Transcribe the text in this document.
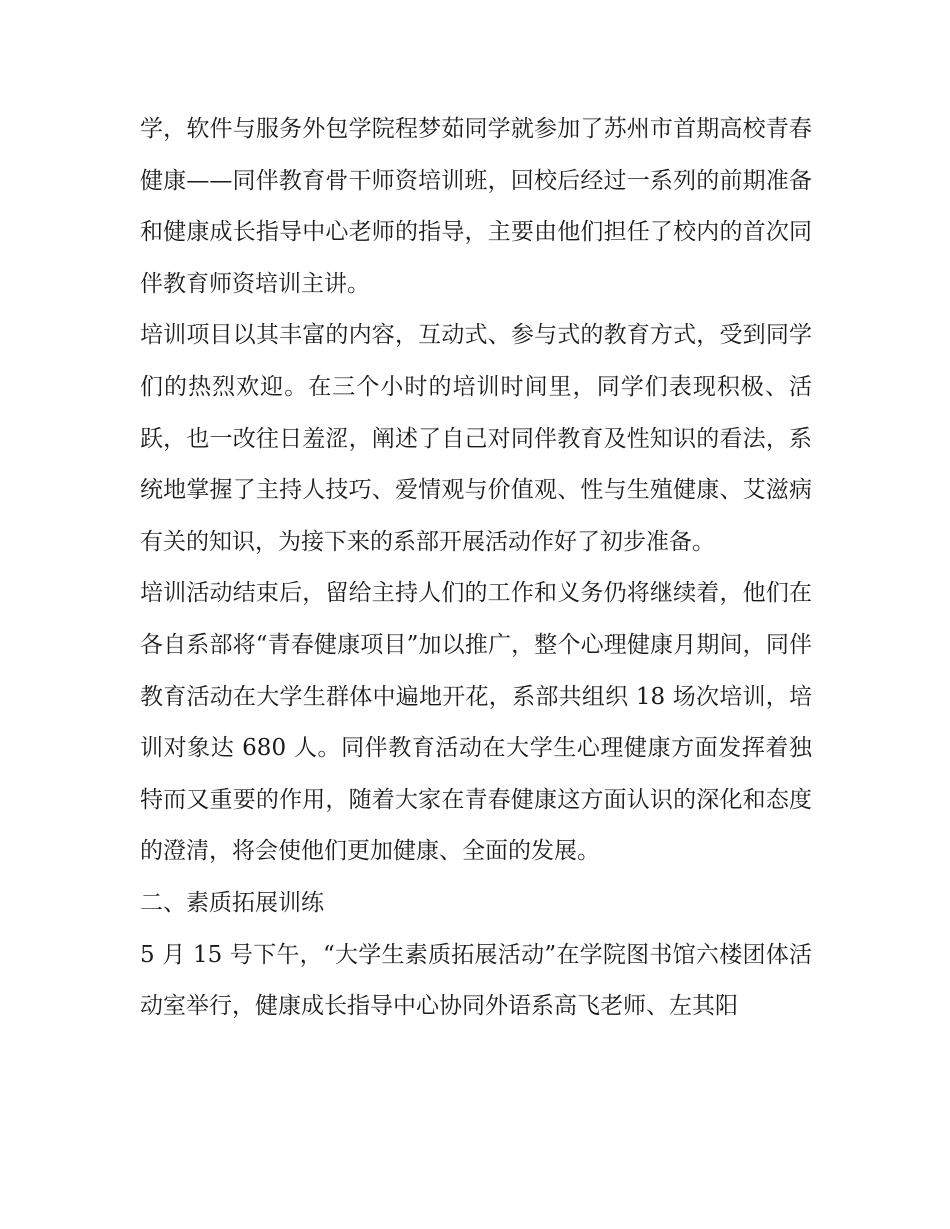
学，软件与服务外包学院程梦茹同学就参加了苏州市首期高校青春健康——同伴教育骨干师资培训班，回校后经过一系列的前期准备和健康成长指导中心老师的指导，主要由他们担任了校内的首次同伴教育师资培训主讲。

培训项目以其丰富的内容，互动式、参与式的教育方式，受到同学们的热烈欢迎。在三个小时的培训时间里，同学们表现积极、活跃，也一改往日羞涩，阐述了自己对同伴教育及性知识的看法，系统地掌握了主持人技巧、爱情观与价值观、性与生殖健康、艾滋病有关的知识，为接下来的系部开展活动作好了初步准备。

培训活动结束后，留给主持人们的工作和义务仍将继续着，他们在各自系部将“青春健康项目”加以推广，整个心理健康月期间，同伴教育活动在大学生群体中遍地开花，系部共组织 18 场次培训，培训对象达 680 人。同伴教育活动在大学生心理健康方面发挥着独特而又重要的作用，随着大家在青春健康这方面认识的深化和态度的澄清，将会使他们更加健康、全面的发展。

二、素质拓展训练

5 月 15 号下午，“大学生素质拓展活动”在学院图书馆六楼团体活动室举行，健康成长指导中心协同外语系高飞老师、左其阳
